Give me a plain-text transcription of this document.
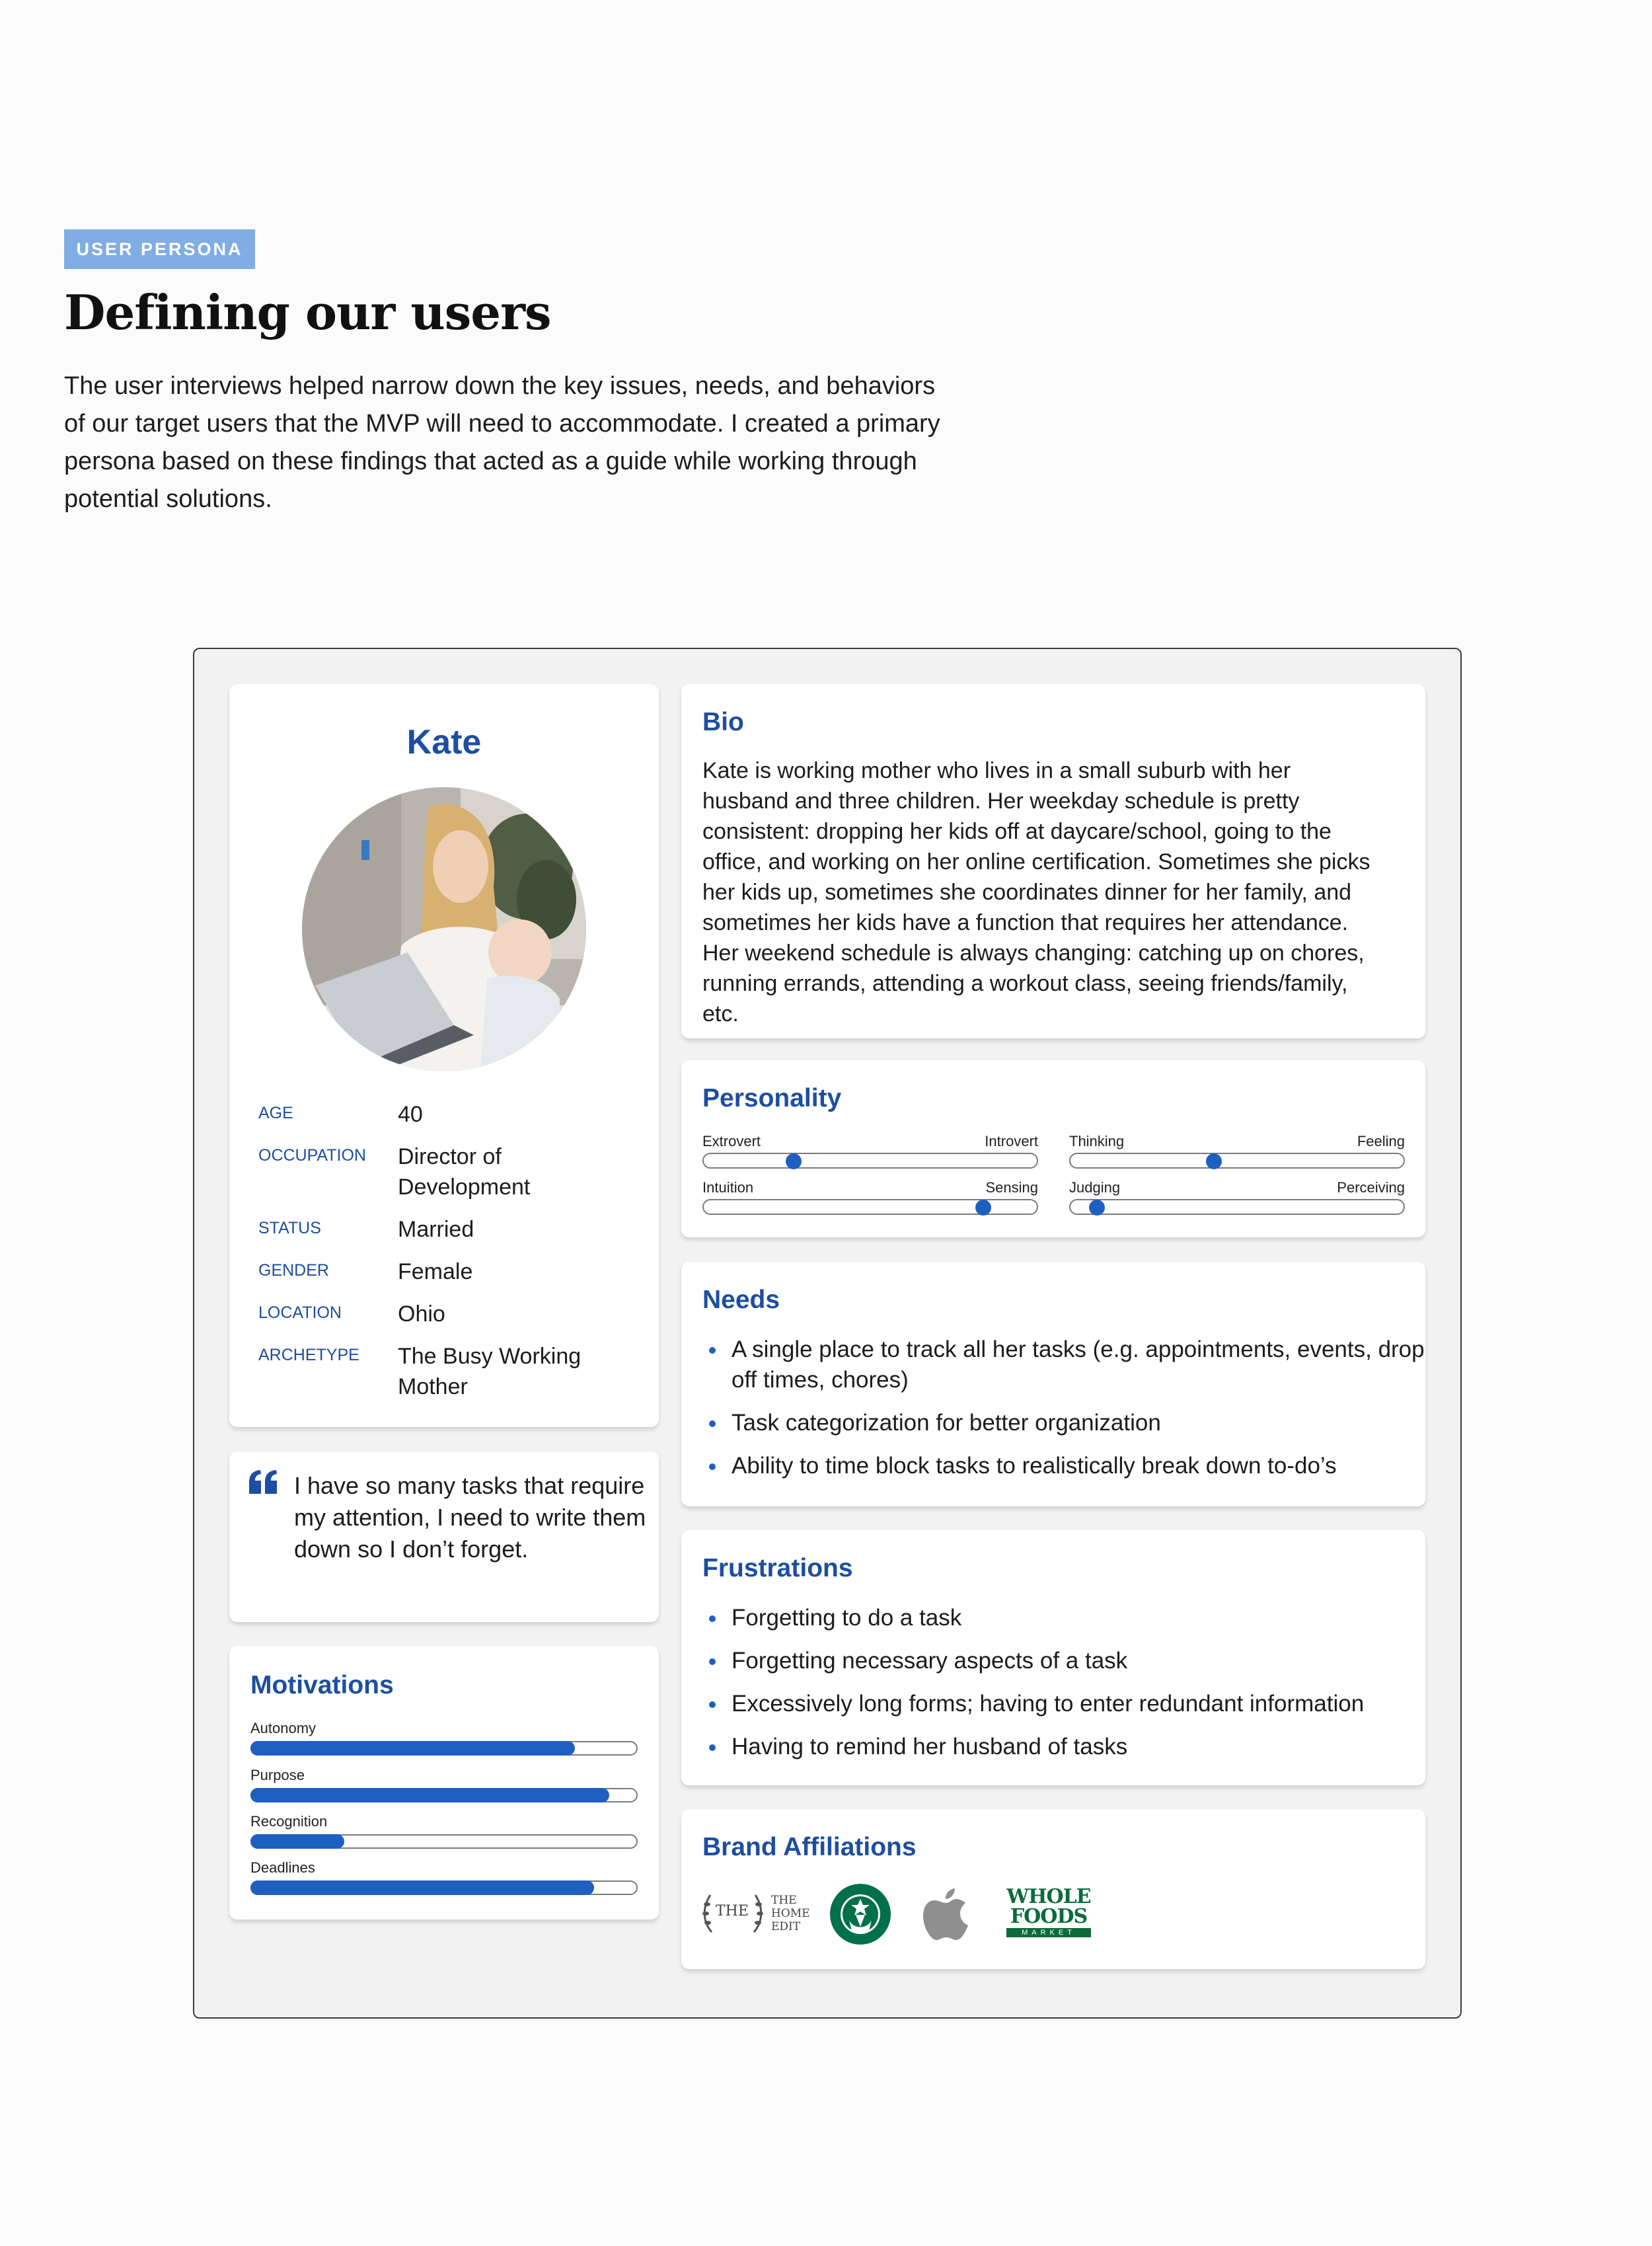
USER PERSONA
Defining our users

The user interviews helped narrow down the key issues, needs, and behaviors of our target users that the MVP will need to accommodate. I created a primary persona based on these findings that acted as a guide while working through potential solutions.

Kate
AGE	40
OCCUPATION	Director of Development
STATUS	Married
GENDER	Female
LOCATION	Ohio
ARCHETYPE	The Busy Working Mother

I have so many tasks that require my attention, I need to write them down so I don’t forget.

Motivations
Autonomy
Purpose
Recognition
Deadlines
Bio

Kate is working mother who lives in a small suburb with her husband and three children. Her weekday schedule is pretty consistent: dropping her kids off at daycare/school, going to the office, and working on her online certification. Sometimes she picks her kids up, sometimes she coordinates dinner for her family, and sometimes her kids have a function that requires her attendance. Her weekend schedule is always changing: catching up on chores, running errands, attending a workout class, seeing friends/family, etc.

Personality
Extrovert	Introvert Thinking	Feeling
Intuition	Sensing Judging	Perceiving
Needs
A single place to track all her tasks (e.g. appointments, events, drop off times, chores)
Task categorization for better organization
Ability to time block tasks to realistically break down to-do’s
Frustrations
Forgetting to do a task
Forgetting necessary aspects of a task
Excessively long forms; having to enter redundant information
Having to remind her husband of tasks
Brand Affiliations
THE
THE
HOME
EDIT
WHOLE
FOODS
MARKET
